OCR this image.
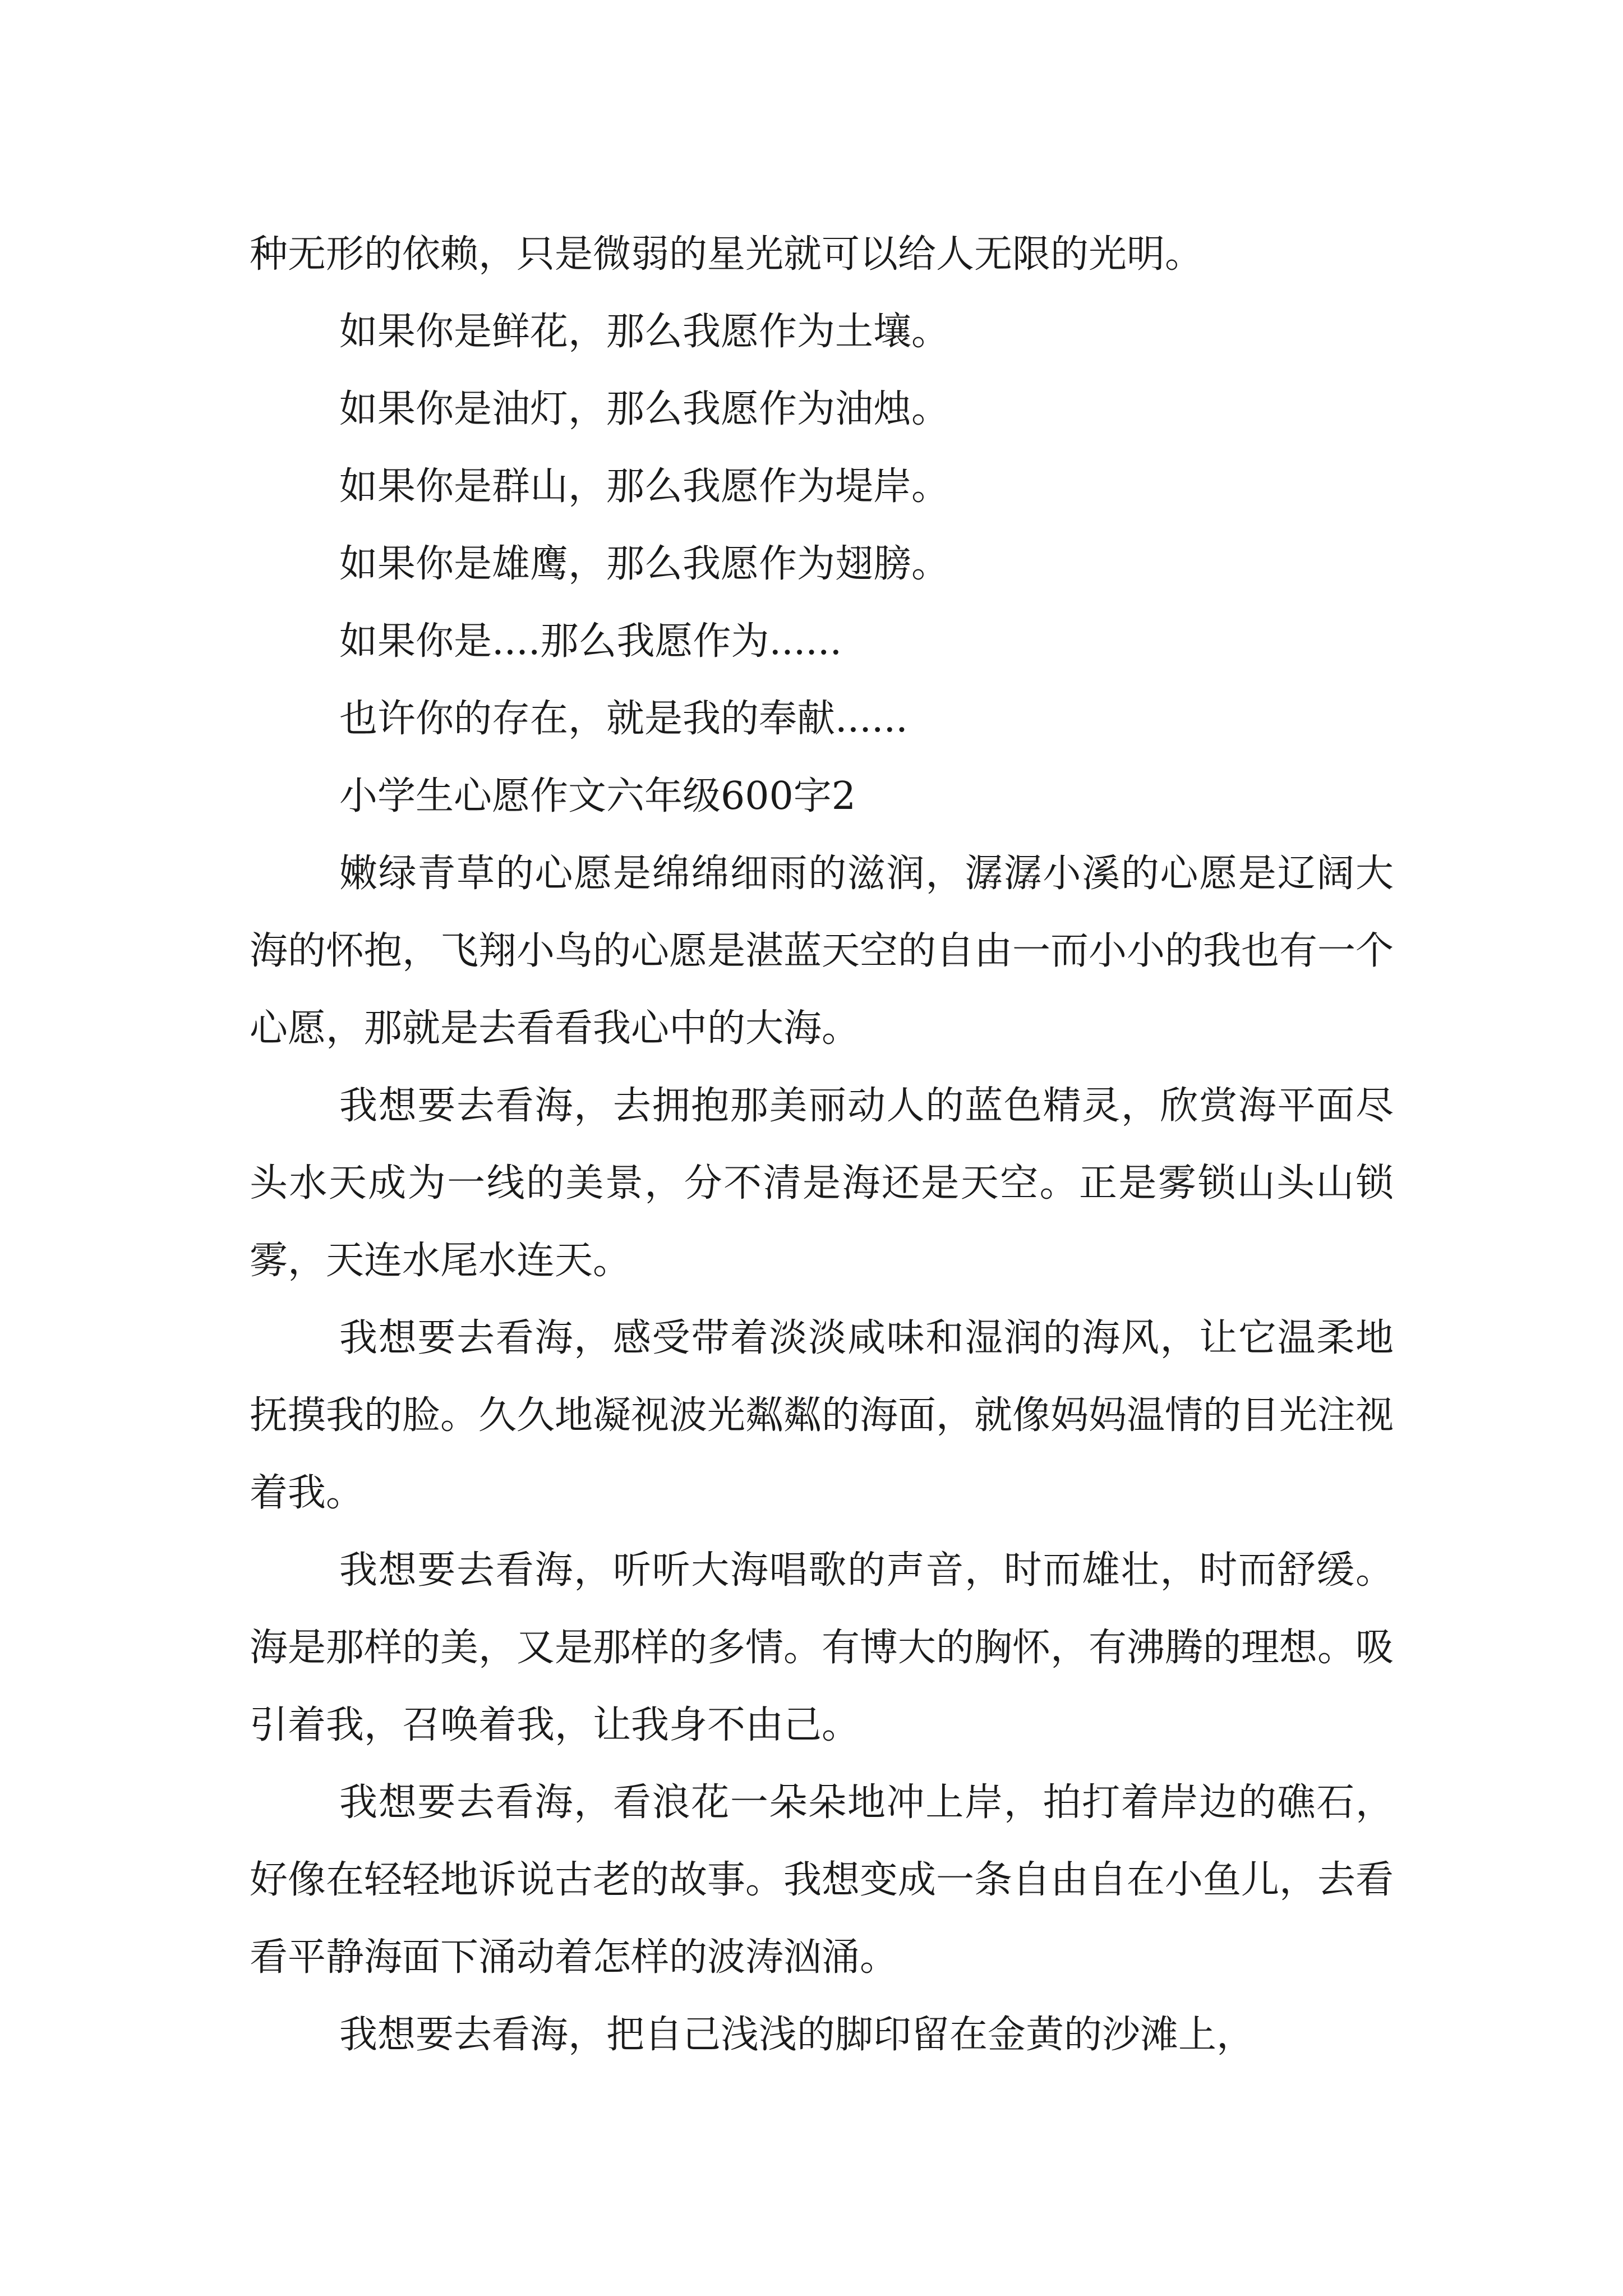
种无形的依赖，只是微弱的星光就可以给人无限的光明。

如果你是鲜花，那么我愿作为土壤。

如果你是油灯，那么我愿作为油烛。

如果你是群山，那么我愿作为堤岸。

如果你是雄鹰，那么我愿作为翅膀。

如果你是....那么我愿作为......

也许你的存在，就是我的奉献......

小学生心愿作文六年级600字2

嫩绿青草的心愿是绵绵细雨的滋润，潺潺小溪的心愿是辽阔大海的怀抱，飞翔小鸟的心愿是湛蓝天空的自由一而小小的我也有一个心愿，那就是去看看我心中的大海。

我想要去看海，去拥抱那美丽动人的蓝色精灵，欣赏海平面尽头水天成为一线的美景，分不清是海还是天空。正是雾锁山头山锁雾，天连水尾水连天。

我想要去看海，感受带着淡淡咸味和湿润的海风，让它温柔地抚摸我的脸。久久地凝视波光粼粼的海面，就像妈妈温情的目光注视着我。

我想要去看海，听听大海唱歌的声音，时而雄壮，时而舒缓。海是那样的美，又是那样的多情。有博大的胸怀，有沸腾的理想。吸引着我，召唤着我，让我身不由己。

我想要去看海，看浪花一朵朵地冲上岸，拍打着岸边的礁石，好像在轻轻地诉说古老的故事。我想变成一条自由自在小鱼儿，去看看平静海面下涌动着怎样的波涛汹涌。

我想要去看海，把自己浅浅的脚印留在金黄的沙滩上，
